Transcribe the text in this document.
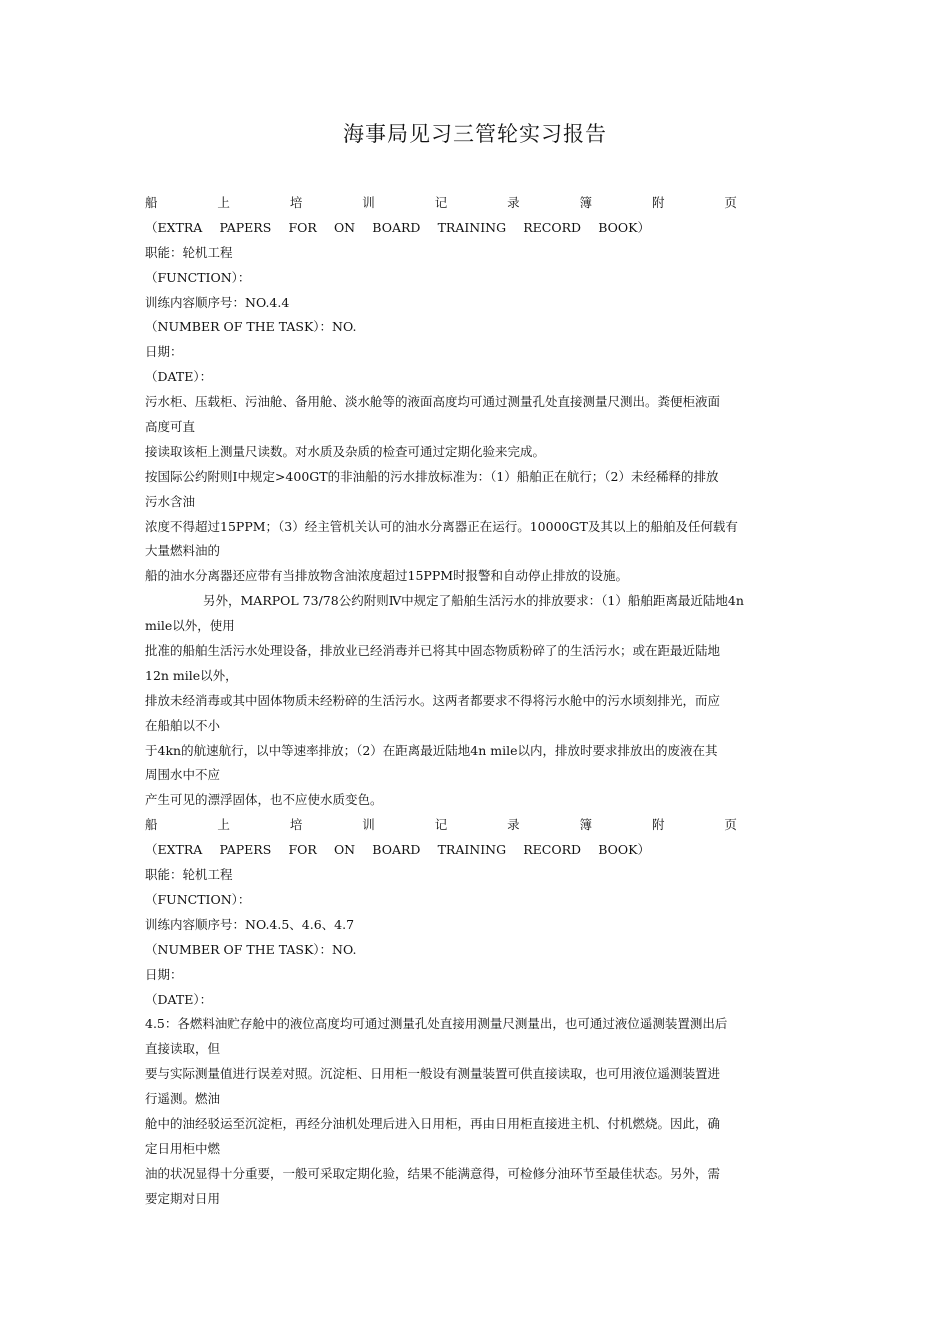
海事局见习三管轮实习报告
船	上	培	训	记	录	簿	附	页
（EXTRA PAPERS FOR ON BOARD TRAINING RECORD BOOK）
职能：轮机工程
（FUNCTION）：
训练内容顺序号：NO.4.4
（NUMBER OF THE TASK）：NO.
日期：
（DATE）：
污水柜、压载柜、污油舱、备用舱、淡水舱等的液面高度均可通过测量孔处直接测量尺测出。粪便柜液面
高度可直
接读取该柜上测量尺读数。对水质及杂质的检查可通过定期化验来完成。
按国际公约附则Ⅰ中规定>400GT的非油船的污水排放标准为：（1）船舶正在航行；（2）未经稀释的排放
污水含油
浓度不得超过15PPM；（3）经主管机关认可的油水分离器正在运行。10000GT及其以上的船舶及任何载有
大量燃料油的
船的油水分离器还应带有当排放物含油浓度超过15PPM时报警和自动停止排放的设施。
另外，MARPOL 73/78公约附则Ⅳ中规定了船舶生活污水的排放要求：（1）船舶距离最近陆地4n
mile以外，使用
批准的船舶生活污水处理设备，排放业已经消毒并已将其中固态物质粉碎了的生活污水；或在距最近陆地
12n mile以外，
排放未经消毒或其中固体物质未经粉碎的生活污水。这两者都要求不得将污水舱中的污水顷刻排光，而应
在船舶以不小
于4kn的航速航行，以中等速率排放；（2）在距离最近陆地4n mile以内，排放时要求排放出的废液在其
周围水中不应
产生可见的漂浮固体，也不应使水质变色。
船	上	培	训	记	录	簿	附	页
（EXTRA PAPERS FOR ON BOARD TRAINING RECORD BOOK）
职能：轮机工程
（FUNCTION）：
训练内容顺序号：NO.4.5、4.6、4.7
（NUMBER OF THE TASK）：NO.
日期：
（DATE）：
4.5：各燃料油贮存舱中的液位高度均可通过测量孔处直接用测量尺测量出，也可通过液位遥测装置测出后
直接读取，但
要与实际测量值进行误差对照。沉淀柜、日用柜一般设有测量装置可供直接读取，也可用液位遥测装置进
行遥测。燃油
舱中的油经驳运至沉淀柜，再经分油机处理后进入日用柜，再由日用柜直接进主机、付机燃烧。因此，确
定日用柜中燃
油的状况显得十分重要，一般可采取定期化验，结果不能满意得，可检修分油环节至最佳状态。另外，需
要定期对日用
